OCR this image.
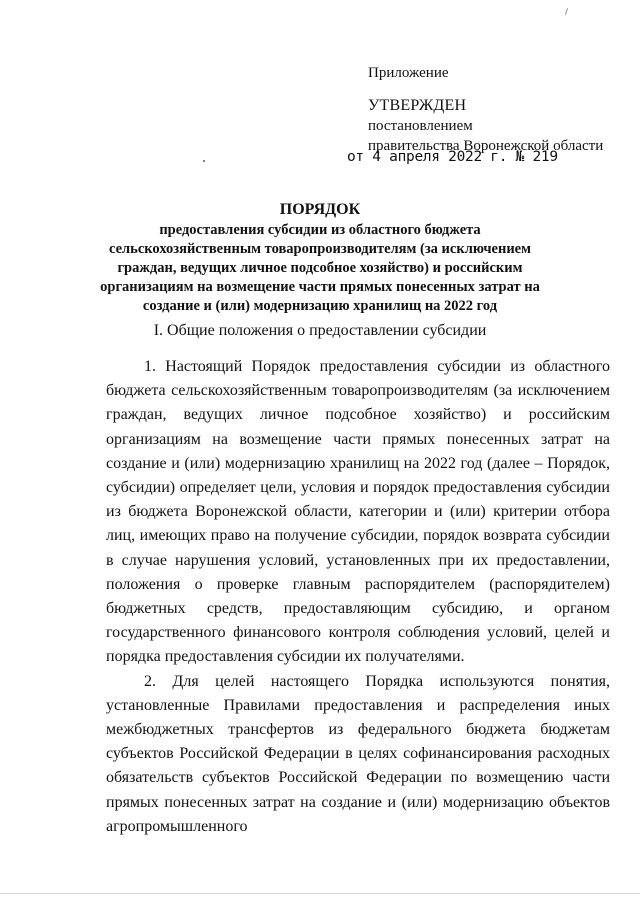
Приложение
УТВЕРЖДЕН
постановлением
правительства Воронежской области
от 4 апреля 2022 г. № 219
ПОРЯДОК
предоставления субсидии из областного бюджета сельскохозяйственным товаропроизводителям (за исключением граждан, ведущих личное подсобное хозяйство) и российским организациям на возмещение части прямых понесенных затрат на создание и (или) модернизацию хранилищ на 2022 год
I. Общие положения о предоставлении субсидии

1. Настоящий Порядок предоставления субсидии из областного бюджета сельскохозяйственным товаропроизводителям (за исключением граждан, ведущих личное подсобное хозяйство) и российским организациям на возмещение части прямых понесенных затрат на создание и (или) модернизацию хранилищ на 2022 год (далее – Порядок, субсидии) определяет цели, условия и порядок предоставления субсидии из бюджета Воронежской области, категории и (или) критерии отбора лиц, имеющих право на получение субсидии, порядок возврата субсидии в случае нарушения условий, установленных при их предоставлении, положения о проверке главным распорядителем (распорядителем) бюджетных средств, предоставляющим субсидию, и органом государственного финансового контроля соблюдения условий, целей и порядка предоставления субсидии их получателями.

2. Для целей настоящего Порядка используются понятия, установленные Правилами предоставления и распределения иных межбюджетных трансфертов из федерального бюджета бюджетам субъектов Российской Федерации в целях софинансирования расходных обязательств субъектов Российской Федерации по возмещению части прямых понесенных затрат на создание и (или) модернизацию объектов агропромышленного
